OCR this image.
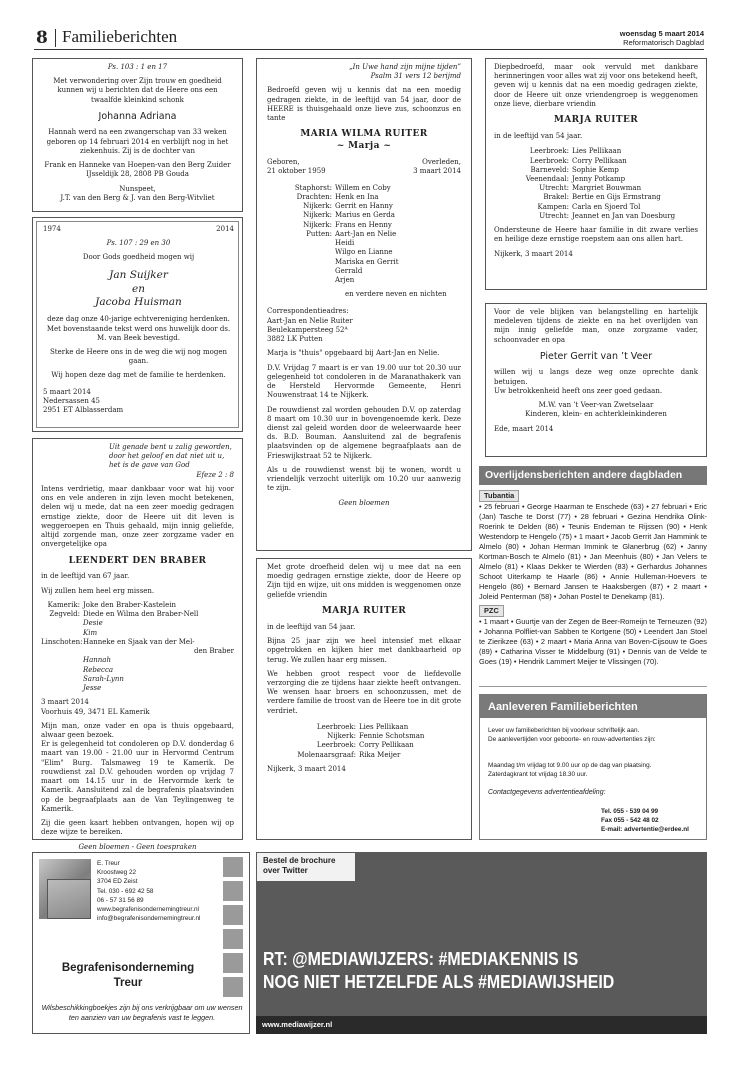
8 Familieberichten	woensdag 5 maart 2014
Reformatorisch Dagblad
Ps. 103 : 1 en 17
Met verwondering over Zijn trouw en goedheid kunnen wij u berichten dat de Heere ons een twaalfde kleinkind schonk
Johanna Adriana
Hannah werd na een zwangerschap van 33 weken geboren op 14 februari 2014 en verblijft nog in het ziekenhuis. Zij is de dochter van
Frank en Hanneke van Hoepen-van den Berg Zuider IJsseldijk 28, 2808 PB Gouda
Nunspeet,
J.T. van den Berg & J. van den Berg-Witvliet
1974	2014
Ps. 107 : 29 en 30
Door Gods goedheid mogen wij
Jan Suijker
en
Jacoba Huisman
deze dag onze 40-jarige echtvereniging herdenken. Met bovenstaande tekst werd ons huwelijk door ds. M. van Beek bevestigd.
Sterke de Heere ons in de weg die wij nog mogen gaan.
Wij hopen deze dag met de familie te herdenken.
5 maart 2014
Nedersassen 45
2951 ET Alblasserdam
Uit genade bent u zalig geworden, door het geloof en dat niet uit u, het is de gave van God
Efeze 2 : 8
Intens verdrietig, maar dankbaar voor wat hij voor ons en vele anderen in zijn leven mocht betekenen, delen wij u mede, dat na een zeer moedig gedragen ernstige ziekte, door de Heere uit dit leven is weggeroepen en Thuis gehaald, mijn innig geliefde, altijd zorgende man, onze zeer zorgzame vader en onvergetelijke opa
LEENDERT DEN BRABER
in de leeftijd van 67 jaar.
Wij zullen hem heel erg missen.
Kamerik: Joke den Braber-Kastelein
Zegveld: Diede en Wilma den Braber-Nell
Desie
Kim
Linschoten: Hanneke en Sjaak van der Mel-
den Braber
Hannah
Rebecca
Sarah-Lynn
Jesse
3 maart 2014
Voorhuis 49, 3471 EL Kamerik
Mijn man, onze vader en opa is thuis opgebaard, alwaar geen bezoek.
Er is gelegenheid tot condoleren op D.V. donderdag 6 maart van 19.00 - 21.00 uur in Hervormd Centrum "Elim" Burg. Talsmaweg 19 te Kamerik. De rouwdienst zal D.V. gehouden worden op vrijdag 7 maart om 14.15 uur in de Hervormde kerk te Kamerik. Aansluitend zal de begrafenis plaatsvinden op de begraafplaats aan de Van Teylingenweg te Kamerik.
Zij die geen kaart hebben ontvangen, hopen wij op deze wijze te bereiken.
Geen bloemen - Geen toespraken
„In Uwe hand zijn mijne tijden”
Psalm 31 vers 12 berijmd
Bedroefd geven wij u kennis dat na een moedig gedragen ziekte, in de leeftijd van 54 jaar, door de HEERE is thuisgehaald onze lieve zus, schoonzus en tante
MARIA WILMA RUITER
~ Marja ~
Geboren,
21 oktober 1959
Overleden,
3 maart 2014
Staphorst: Willem en Coby
Drachten: Henk en Ina
Nijkerk: Gerrit en Hanny
Nijkerk: Marius en Gerda
Nijkerk: Frans en Henny
Putten: Aart-Jan en Nelie
Heidi
Wilgo en Lianne
Mariska en Gerrit
Gerrald
Arjen
en verdere neven en nichten
Correspondentieadres:
Aart-Jan en Nelie Ruiter
Beulekampersteeg 52ᴬ
3882 LK Putten
Marja is "thuis" opgebaard bij Aart-Jan en Nelie.
D.V. Vrijdag 7 maart is er van 19.00 uur tot 20.30 uur gelegenheid tot condoleren in de Maranathakerk van de Hersteld Hervormde Gemeente, Henri Nouwenstraat 14 te Nijkerk.
De rouwdienst zal worden gehouden D.V. op zaterdag 8 maart om 10.30 uur in bovengenoemde kerk. Deze dienst zal geleid worden door de weleerwaarde heer ds. B.D. Bouman. Aansluitend zal de begrafenis plaatsvinden op de algemene begraafplaats aan de Frieswijkstraat 52 te Nijkerk.
Als u de rouwdienst wenst bij te wonen, wordt u vriendelijk verzocht uiterlijk om 10.20 uur aanwezig te zijn.
Geen bloemen
Met grote droefheid delen wij u mee dat na een moedig gedragen ernstige ziekte, door de Heere op Zijn tijd en wijze, uit ons midden is weggenomen onze geliefde vriendin
MARJA RUITER
in de leeftijd van 54 jaar.
Bijna 25 jaar zijn we heel intensief met elkaar opgetrokken en kijken hier met dankbaarheid op terug. We zullen haar erg missen.
We hebben groot respect voor de liefdevolle verzorging die ze tijdens haar ziekte heeft ontvangen. We wensen haar broers en schoonzussen, met de verdere familie de troost van de Heere toe in dit grote verdriet.
Leerbroek: Lies Pellikaan
Nijkerk: Fennie Schotsman
Leerbroek: Corry Pellikaan
Molenaarsgraaf: Rika Meijer
Nijkerk, 3 maart 2014
Diepbedroefd, maar ook vervuld met dankbare herinneringen voor alles wat zij voor ons betekend heeft, geven wij u kennis dat na een moedig gedragen ziekte, door de Heere uit onze vriendengroep is weggenomen onze lieve, dierbare vriendin
MARJA RUITER
in de leeftijd van 54 jaar.
Leerbroek: Lies Pellikaan
Leerbroek: Corry Pellikaan
Barneveld: Sophie Kemp
Veenendaal: Jenny Potkamp
Utrecht: Margriet Bouwman
Brakel: Bertie en Gijs Ermstrang
Kampen: Carla en Sjoerd Tol
Utrecht: Jeannet en Jan van Doesburg
Ondersteune de Heere haar familie in dit zware verlies en heilige deze ernstige roepstem aan ons allen hart.
Nijkerk, 3 maart 2014
Voor de vele blijken van belangstelling en hartelijk medeleven tijdens de ziekte en na het overlijden van mijn innig geliefde man, onze zorgzame vader, schoonvader en opa
Pieter Gerrit van ’t Veer
willen wij u langs deze weg onze oprechte dank betuigen.
Uw betrokkenheid heeft ons zeer goed gedaan.
M.W. van ’t Veer-van Zwetselaar
Kinderen, klein- en achterkleinkinderen
Ede, maart 2014
Overlijdensberichten andere dagbladen
Tubantia
• 25 februari • George Haarman te Enschede (63) • 27 februari • Eric (Jan) Tasche te Dorst (77) • 28 februari • Gezina Hendrika Olink-Roerink te Delden (86) • Teunis Endeman te Rijssen (90) • Henk Westendorp te Hengelo (75) • 1 maart • Jacob Gerrit Jan Hammink te Almelo (80) • Johan Herman Immink te Glanerbrug (62) • Janny Kortman-Bosch te Almelo (81) • Jan Meenhuis (80) • Jan Velers te Almelo (81) • Klaas Dekker te Wierden (83) • Gerhardus Johannes Schoot Uiterkamp te Haarle (86) • Annie Hulleman-Hoevers te Hengelo (86) • Bernard Jansen te Haaksbergen (87) • 2 maart • Joleid Penterman (58) • Johan Postel te Denekamp (81).
PZC
• 1 maart • Guurtje van der Zegen de Beer-Romeijn te Terneuzen (92) • Johanna Polfliet-van Sabben te Kortgene (50) • Leendert Jan Stoel te Zierikzee (63) • 2 maart • Maria Anna van Boven-Cijsouw te Goes (89) • Catharina Visser te Middelburg (91) • Dennis van de Velde te Goes (19) • Hendrik Lammert Meijer te Vlissingen (70).
Aanleveren Familieberichten
Lever uw familieberichten bij voorkeur schriftelijk aan.
De aanlevertijden voor geboorte- en rouw-advertenties zijn:
Maandag t/m vrijdag tot 9.00 uur op de dag van plaatsing.
Zaterdagkrant tot vrijdag 18.30 uur.
Contactgegevens advertentieafdeling:
Tel. 055 - 539 04 99
Fax 055 - 542 48 02
E-mail: advertentie@erdee.nl
E. Treur
Kroostweg 22
3704 ED Zeist
Tel. 030 - 692 42 58
06 - 57 31 56 89
www.begrafenisondernemingtreur.nl
info@begrafenisondernemingtreur.nl
Begrafenisonderneming
Treur
Wilsbeschikkingboekjes zijn bij ons verkrijgbaar om uw wensen ten aanzien van uw begrafenis vast te leggen.
Bestel de brochure
over Twitter
RT: @MEDIAWIJZERS: #MEDIAKENNIS IS
NOG NIET HETZELFDE ALS #MEDIAWIJSHEID
www.mediawijzer.nl
